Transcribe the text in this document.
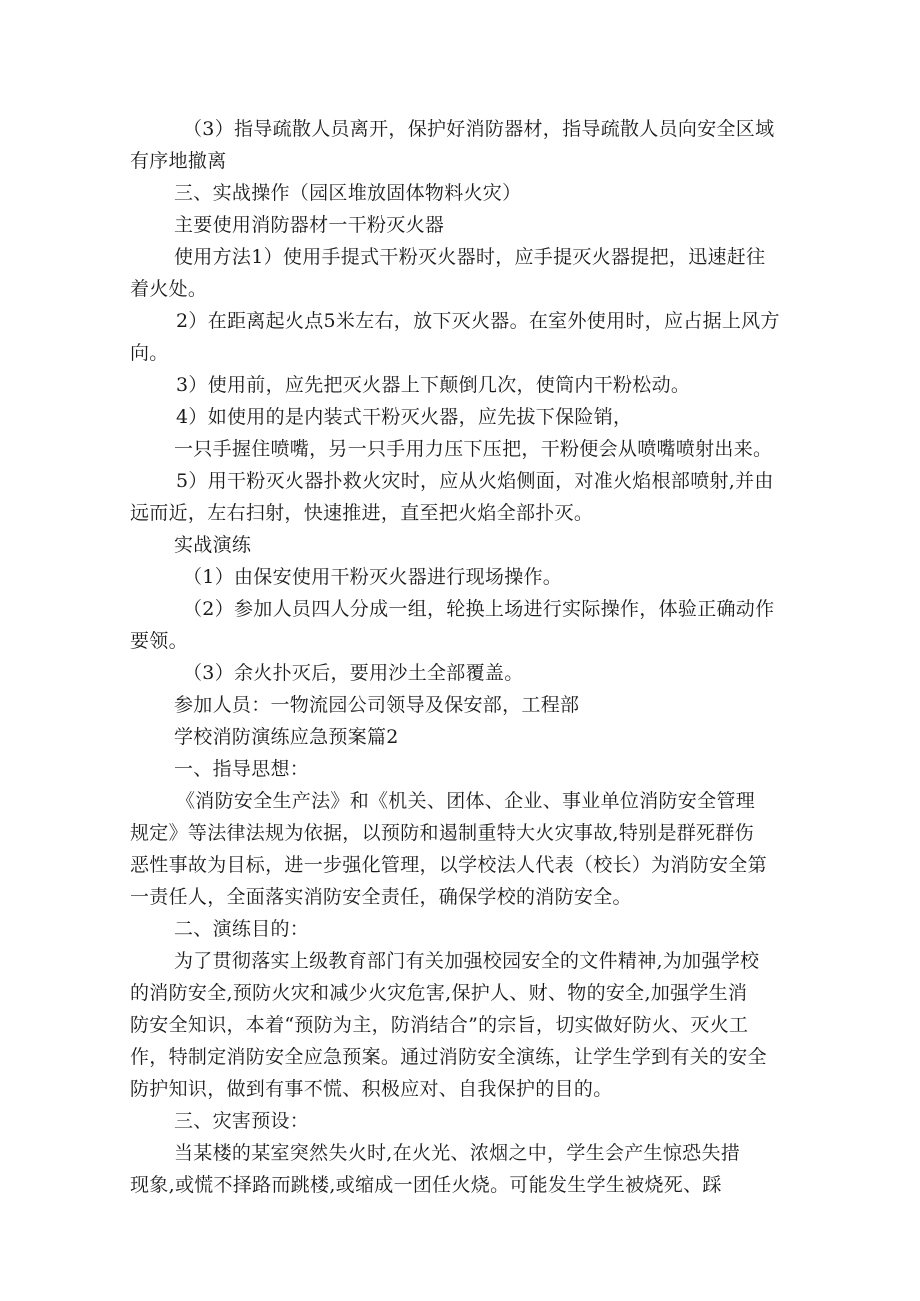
（3）指导疏散人员离开，保护好消防器材，指导疏散人员向安全区域
有序地撤离
三、实战操作（园区堆放固体物料火灾）
主要使用消防器材一干粉灭火器
使用方法1）使用手提式干粉灭火器时，应手提灭火器提把，迅速赶往
着火处。
2）在距离起火点5米左右，放下灭火器。在室外使用时，应占据上风方
向。
3）使用前，应先把灭火器上下颠倒几次，使筒内干粉松动。
4）如使用的是内装式干粉灭火器，应先拔下保险销，
一只手握住喷嘴，另一只手用力压下压把，干粉便会从喷嘴喷射出来。
5）用干粉灭火器扑救火灾时，应从火焰侧面，对准火焰根部喷射,并由
远而近，左右扫射，快速推进，直至把火焰全部扑灭。
实战演练
（1）由保安使用干粉灭火器进行现场操作。
（2）参加人员四人分成一组，轮换上场进行实际操作，体验正确动作
要领。
（3）余火扑灭后，要用沙土全部覆盖。
参加人员：一物流园公司领导及保安部，工程部
学校消防演练应急预案篇2
一、指导思想：
《消防安全生产法》和《机关、团体、企业、事业单位消防安全管理
规定》等法律法规为依据，以预防和遏制重特大火灾事故,特别是群死群伤
恶性事故为目标，进一步强化管理，以学校法人代表（校长）为消防安全第
一责任人，全面落实消防安全责任，确保学校的消防安全。
二、演练目的：
为了贯彻落实上级教育部门有关加强校园安全的文件精神,为加强学校
的消防安全,预防火灾和减少火灾危害,保护人、财、物的安全,加强学生消
防安全知识，本着“预防为主，防消结合”的宗旨，切实做好防火、灭火工
作，特制定消防安全应急预案。通过消防安全演练，让学生学到有关的安全
防护知识，做到有事不慌、积极应对、自我保护的目的。
三、灾害预设：
当某楼的某室突然失火时,在火光、浓烟之中，学生会产生惊恐失措
现象,或慌不择路而跳楼,或缩成一团任火烧。可能发生学生被烧死、踩
